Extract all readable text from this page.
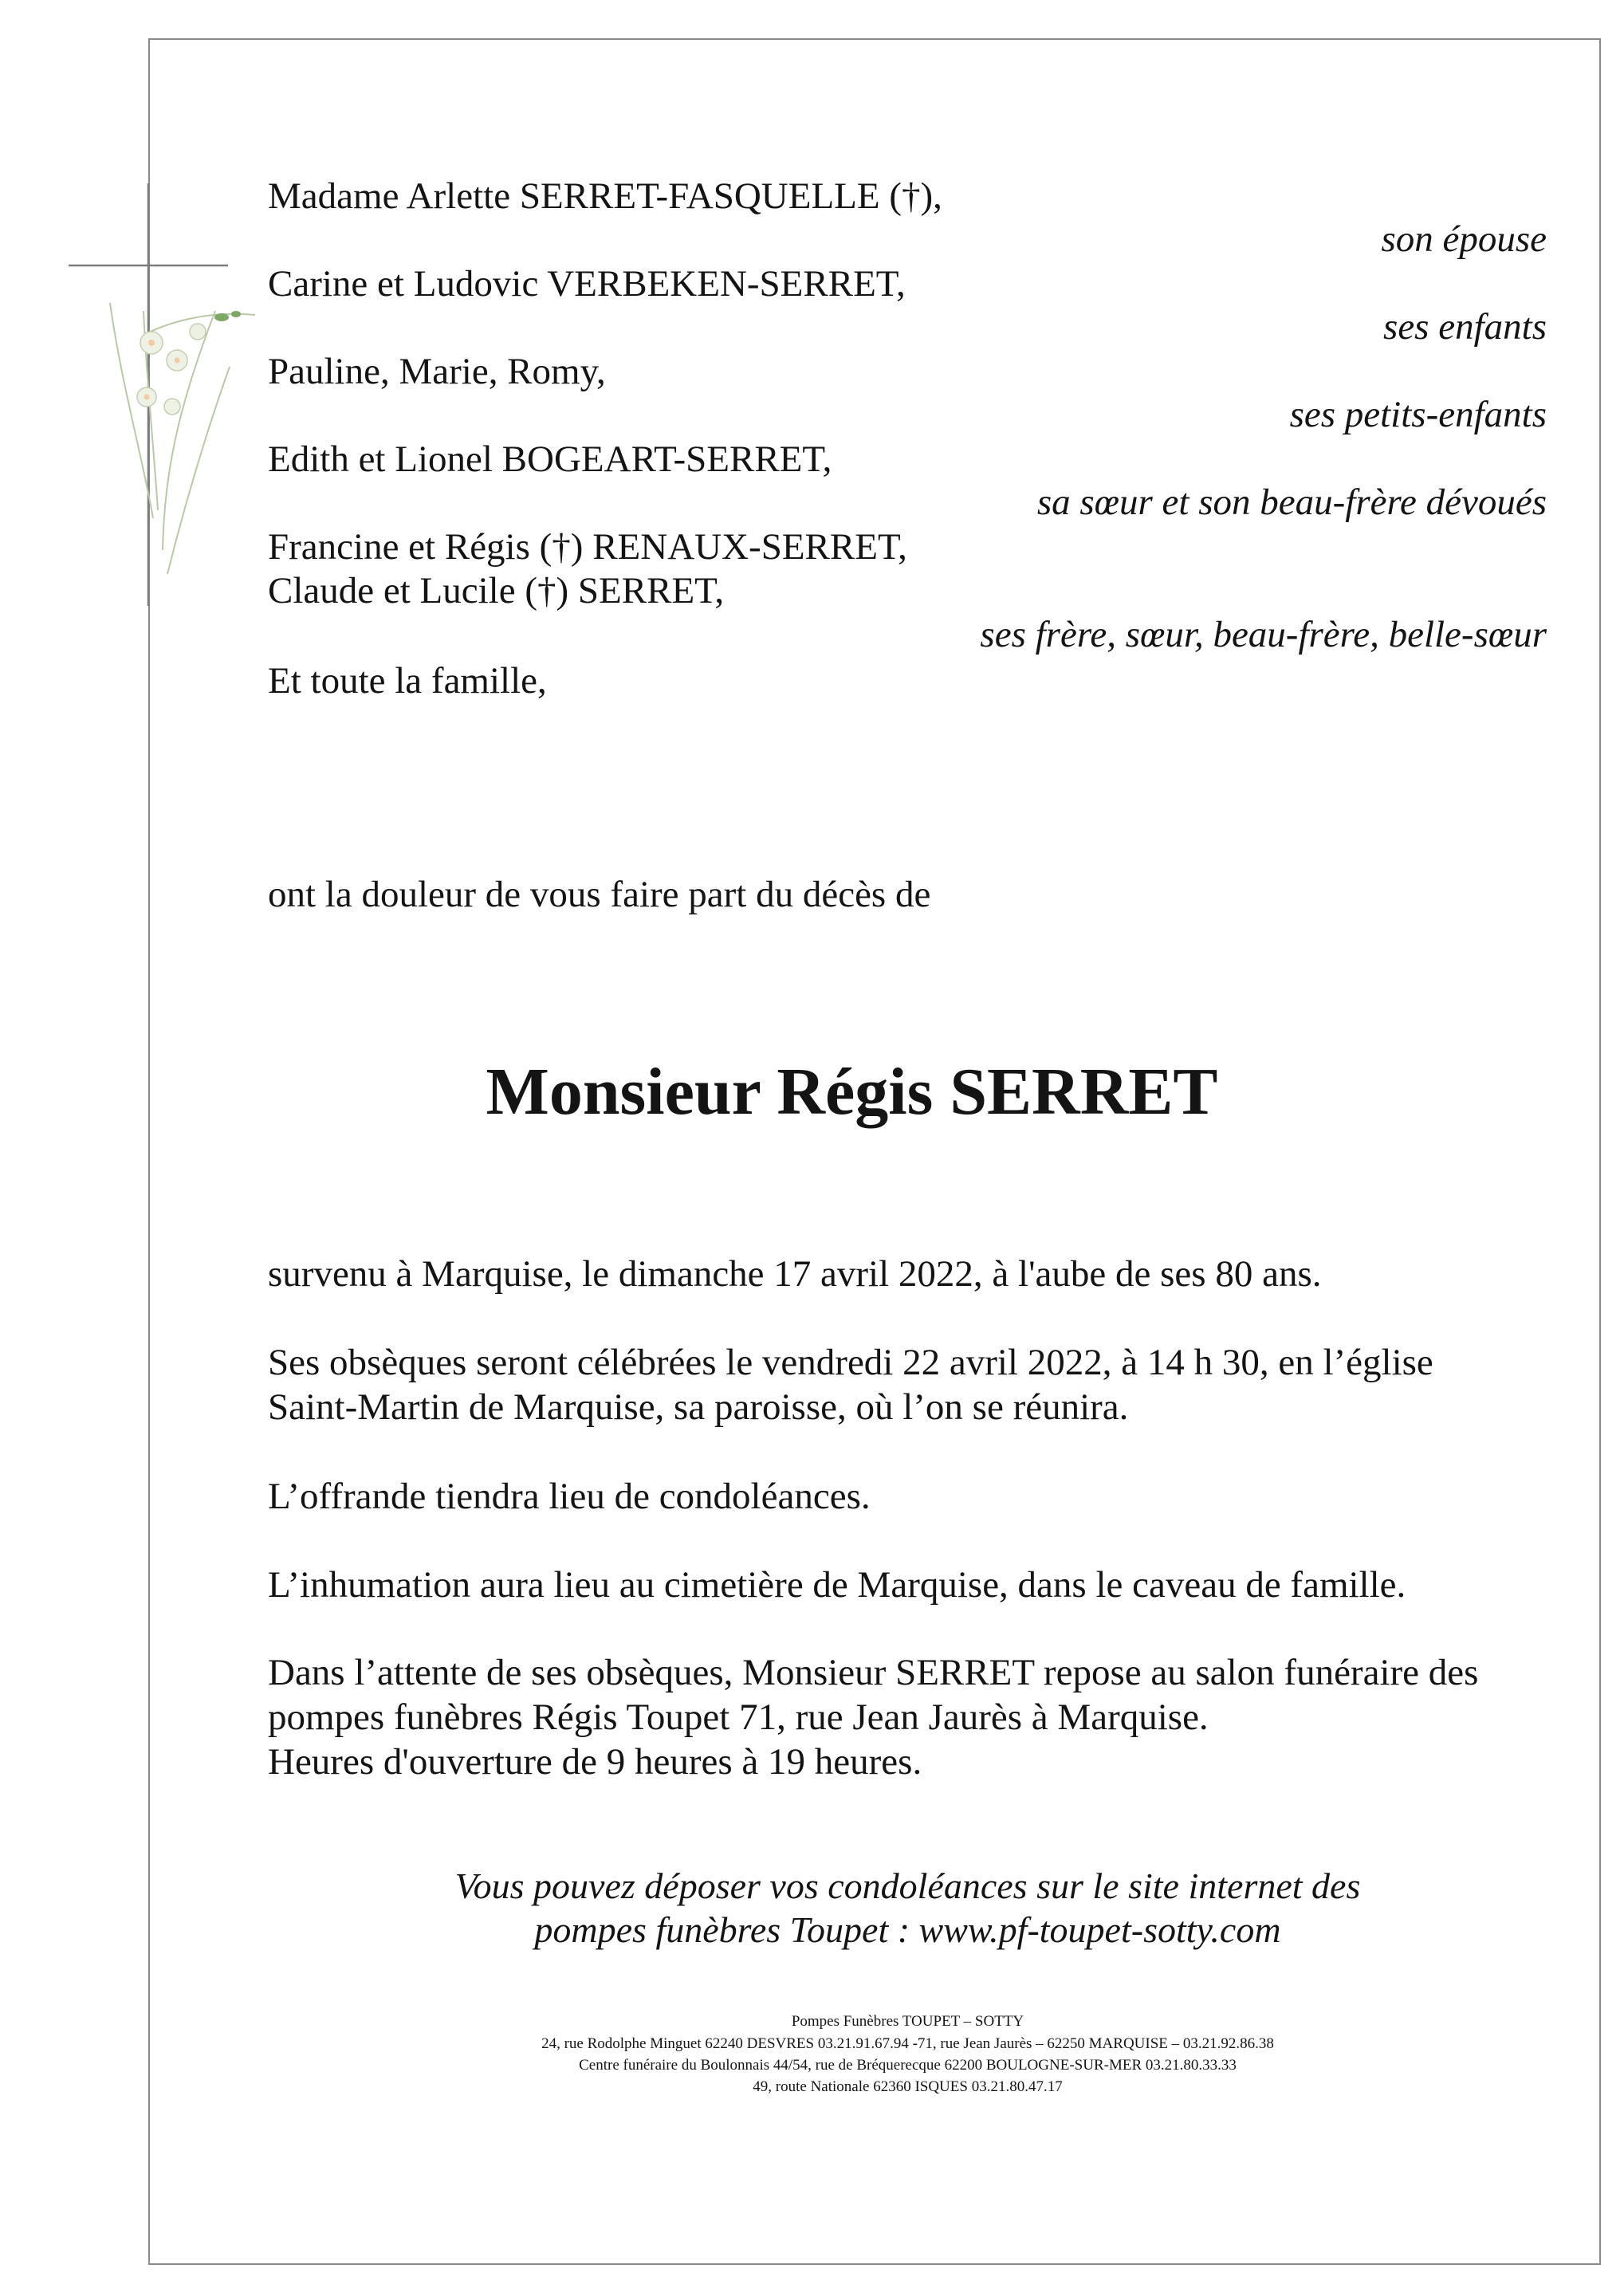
Madame Arlette SERRET-FASQUELLE (†),
Carine et Ludovic VERBEKEN-SERRET,
Pauline, Marie, Romy,
Edith et Lionel BOGEART-SERRET,
Francine et Régis (†) RENAUX-SERRET,
Claude et Lucile (†) SERRET,
Et toute la famille,
son épouse
ses enfants
ses petits-enfants
sa sœur et son beau-frère dévoués
ses frère, sœur, beau-frère, belle-sœur
ont la douleur de vous faire part du décès de
Monsieur Régis SERRET
survenu à Marquise, le dimanche 17 avril 2022, à l'aube de ses 80 ans.
Ses obsèques seront célébrées le vendredi 22 avril 2022, à 14 h 30, en l’église
Saint-Martin de Marquise, sa paroisse, où l’on se réunira.
L’offrande tiendra lieu de condoléances.
L’inhumation aura lieu au cimetière de Marquise, dans le caveau de famille.
Dans l’attente de ses obsèques, Monsieur SERRET repose au salon funéraire des
pompes funèbres Régis Toupet 71, rue Jean Jaurès à Marquise.
Heures d'ouverture de 9 heures à 19 heures.
Vous pouvez déposer vos condoléances sur le site internet des
pompes funèbres Toupet : www.pf-toupet-sotty.com
Pompes Funèbres TOUPET – SOTTY
24, rue Rodolphe Minguet 62240 DESVRES 03.21.91.67.94 -71, rue Jean Jaurès – 62250 MARQUISE – 03.21.92.86.38
Centre funéraire du Boulonnais 44/54, rue de Bréquerecque 62200 BOULOGNE-SUR-MER 03.21.80.33.33
49, route Nationale 62360 ISQUES 03.21.80.47.17
